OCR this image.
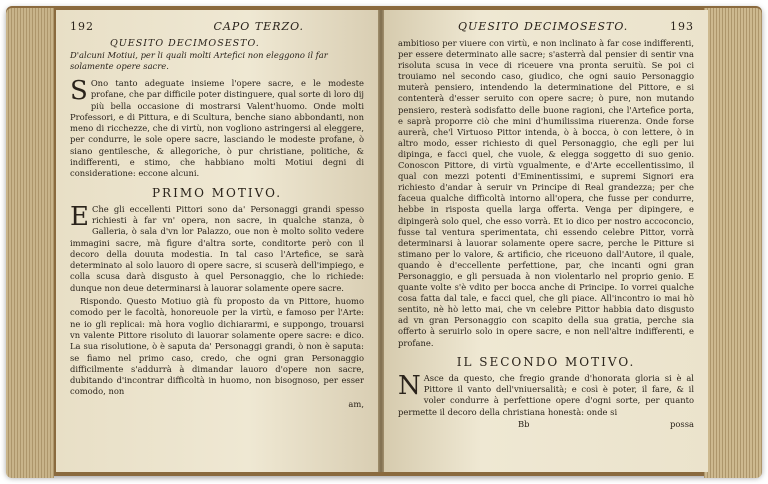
192	CAPO TERZO.
QUESITO DECIMOSESTO.
D'alcuni Motiui, per li quali molti Artefici non eleggono il far solamente opere sacre.

S Ono tanto adeguate insieme l'opere sacre, e le modeste profane, che par difficile poter distinguere, qual sorte di loro dij più bella occasione di mostrarsi Valent'huomo. Onde molti Professori, e di Pittura, e di Scultura, benche siano abbondanti, non meno di ricchezze, che di virtù, non vogliono astringersi al eleggere, per condurre, le sole opere sacre, lasciando le modeste profane, ò siano gentilesche, & allegoriche, ò pur christiane, politiche, & indifferenti, e stimo, che habbiano molti Motiui degni di consideratione: eccone alcuni.

PRIMO MOTIVO.

E Che gli eccellenti Pittori sono da' Personaggi grandi spesso richiesti à far vn' opera, non sacre, in qualche stanza, ò Galleria, ò sala d'vn lor Palazzo, oue non è molto solito vedere immagini sacre, mà figure d'altra sorte, conditorte però con il decoro della douuta modestia. In tal caso l'Artefice, se sarà determinato al solo lauoro di opere sacre, si scuserà dell'impiego, e colla scusa darà disgusto à quel Personaggio, che lo richiede: dunque non deue determinarsi à lauorar solamente opere sacre.

Rispondo. Questo Motiuo già fù proposto da vn Pittore, huomo comodo per le facoltà, honoreuole per la virtù, e famoso per l'Arte: ne io gli replicai: mà hora voglio dichiararmi, e suppongo, trouarsi vn valente Pittore risoluto di lauorar solamente opere sacre: e dico. La sua risolutione, ò è saputa da' Personaggi grandi, ò non è saputa: se fiamo nel primo caso, credo, che ogni gran Personaggio difficilmente s'addurrà à dimandar lauoro d'opere non sacre, dubitando d'incontrar difficoltà in huomo, non bisognoso, per esser comodo, non

am,
QUESITO DECIMOSESTO.	193

ambitioso per viuere con virtù, e non inclinato à far cose indifferenti, per essere determinato alle sacre; s'asterrà dal pensier di sentir vna risoluta scusa in vece di riceuere vna pronta seruitù. Se poi ci trouiamo nel secondo caso, giudico, che ogni sauio Personaggio muterà pensiero, intendendo la determinatione del Pittore, e si contenterà d'esser seruito con opere sacre; ò pure, non mutando pensiero, resterà sodisfatto delle buone ragioni, che l'Artefice porta, e saprà proporre ciò che mini d'humilissima riuerenza. Onde forse aurerà, che'l Virtuoso Pittor intenda, ò à bocca, ò con lettere, ò in altro modo, esser richiesto di quel Personaggio, che egli per lui dipinga, e facci quel, che vuole, & elegga soggetto di suo genio. Conoscon Pittore, di virtù vgualmente, e d'Arte eccellentissimo, il qual con mezzi potenti d'Eminentissimi, e supremi Signori era richiesto d'andar à seruir vn Principe di Real grandezza; per che faceua qualche difficoltà intorno all'opera, che fusse per condurre, hebbe in risposta quella larga offerta. Venga per dipingere, e dipingerà solo quel, che esso vorrà. Et io dico per nostro accoconcio, fusse tal ventura sperimentata, chi essendo celebre Pittor, vorrà determinarsi à lauorar solamente opere sacre, perche le Pitture si stimano per lo valore, & artificio, che riceuono dall'Autore, il quale, quando è d'eccellente perfettione, par, che incanti ogni gran Personaggio, e gli persuada à non violentarlo nel proprio genio. E quante volte s'è vdito per bocca anche di Principe. Io vorrei qualche cosa fatta dal tale, e facci quel, che gli piace. All'incontro io mai hò sentito, nè hò letto mai, che vn celebre Pittor habbia dato disgusto ad vn gran Personaggio con scapito della sua gratia, perche sia offerto à seruirlo solo in opere sacre, e non nell'altre indifferenti, e profane.

IL SECONDO MOTIVO.

N Asce da questo, che fregio grande d'honorata gloria si è al Pittore il vanto dell'vniuersalità; e così è poter, il fare, & il voler condurre à perfettione opere d'ogni sorte, per quanto permette il decoro della christiana honestà: onde si

Bb	possa
